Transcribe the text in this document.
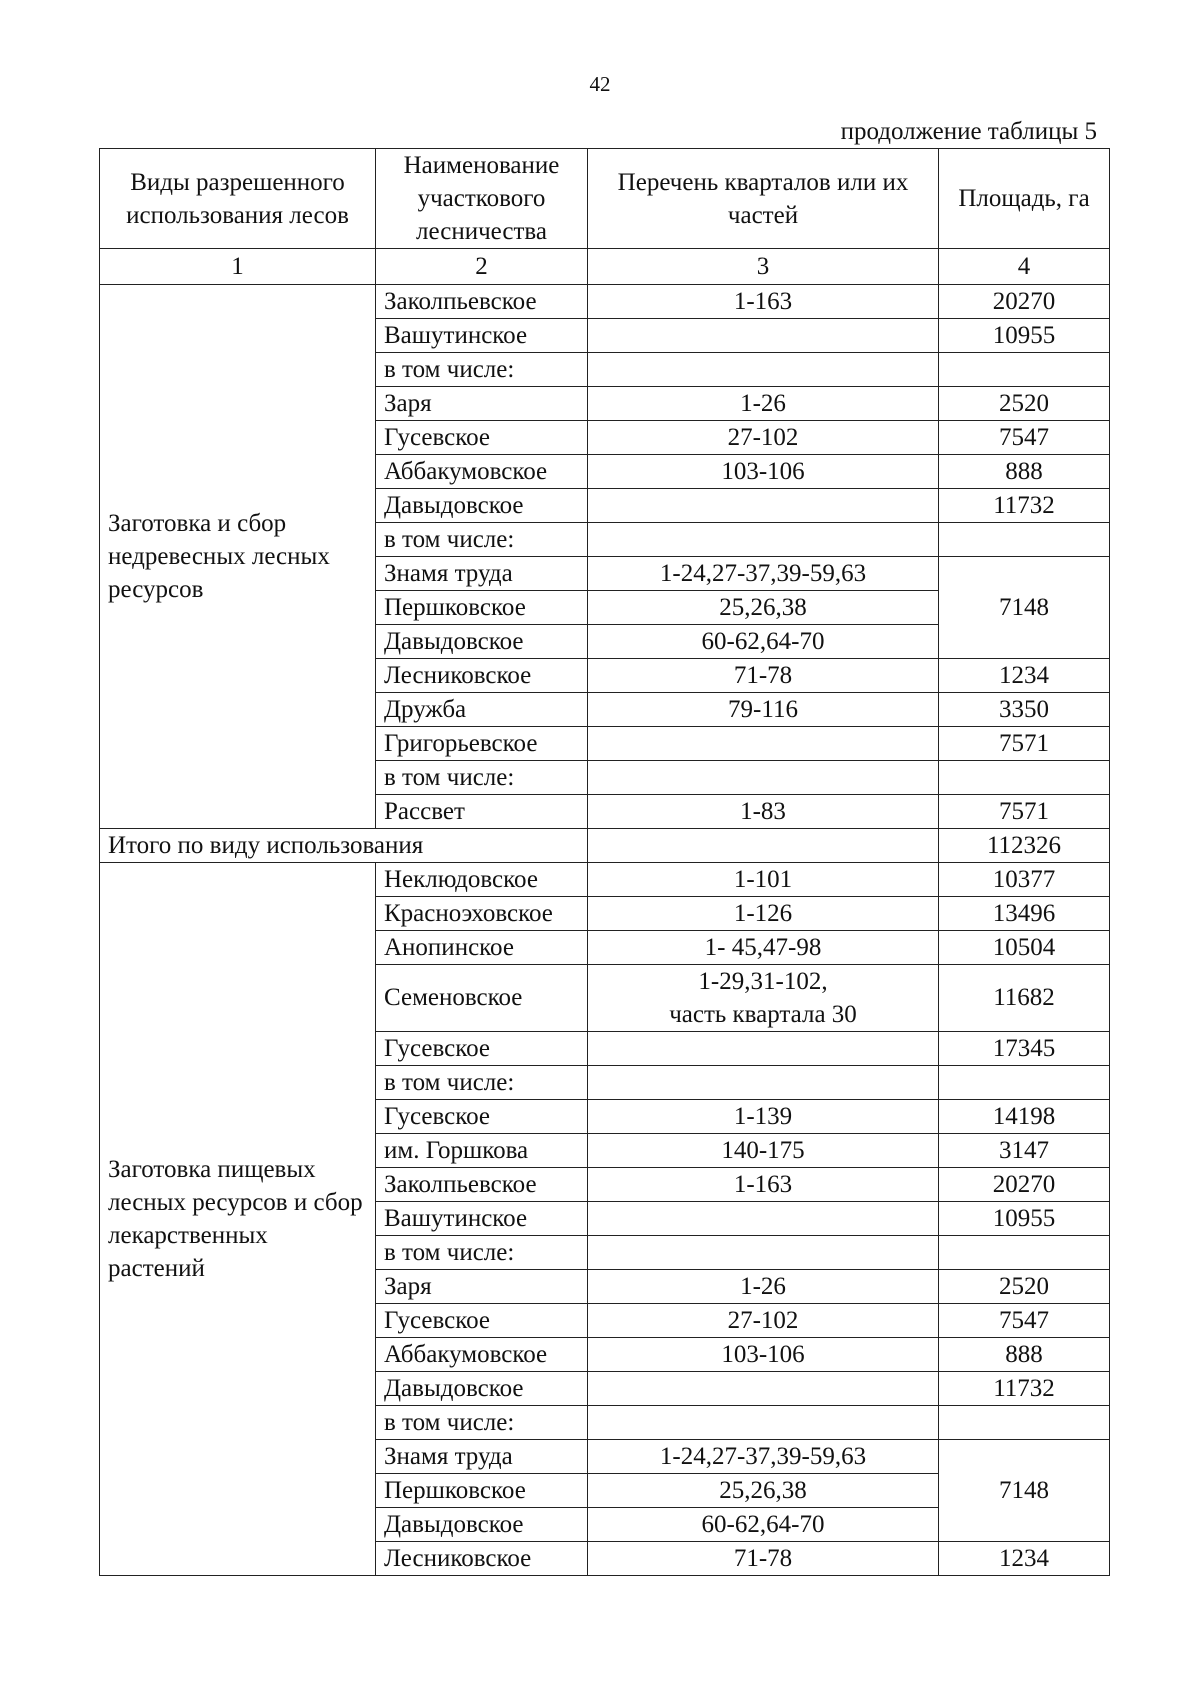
42
продолжение таблицы 5
Виды разрешенного использования лесов	Наименование участкового лесничества	Перечень кварталов или их частей	Площадь, га
1	2	3	4
Заготовка и сбор недревесных лесных ресурсов	Заколпьевское	1-163	20270
	Вашутинское		10955
	в том числе:		
	Заря	1-26	2520
	Гусевское	27-102	7547
	Аббакумовское	103-106	888
	Давыдовское		11732
	в том числе:		
	Знамя труда	1-24,27-37,39-59,63	7148
	Першковское	25,26,38	
	Давыдовское	60-62,64-70	
	Лесниковское	71-78	1234
	Дружба	79-116	3350
	Григорьевское		7571
	в том числе:		
	Рассвет	1-83	7571
Итого по виду использования			112326
Заготовка пищевых лесных ресурсов и сбор лекарственных растений	Неклюдовское	1-101	10377
	Красноэховское	1-126	13496
	Анопинское	1- 45,47-98	10504
	Семеновское	1-29,31-102,
часть квартала 30	11682
	Гусевское		17345
	в том числе:		
	Гусевское	1-139	14198
	им. Горшкова	140-175	3147
	Заколпьевское	1-163	20270
	Вашутинское		10955
	в том числе:		
	Заря	1-26	2520
	Гусевское	27-102	7547
	Аббакумовское	103-106	888
	Давыдовское		11732
	в том числе:		
	Знамя труда	1-24,27-37,39-59,63	7148
	Першковское	25,26,38	
	Давыдовское	60-62,64-70	
	Лесниковское	71-78	1234
